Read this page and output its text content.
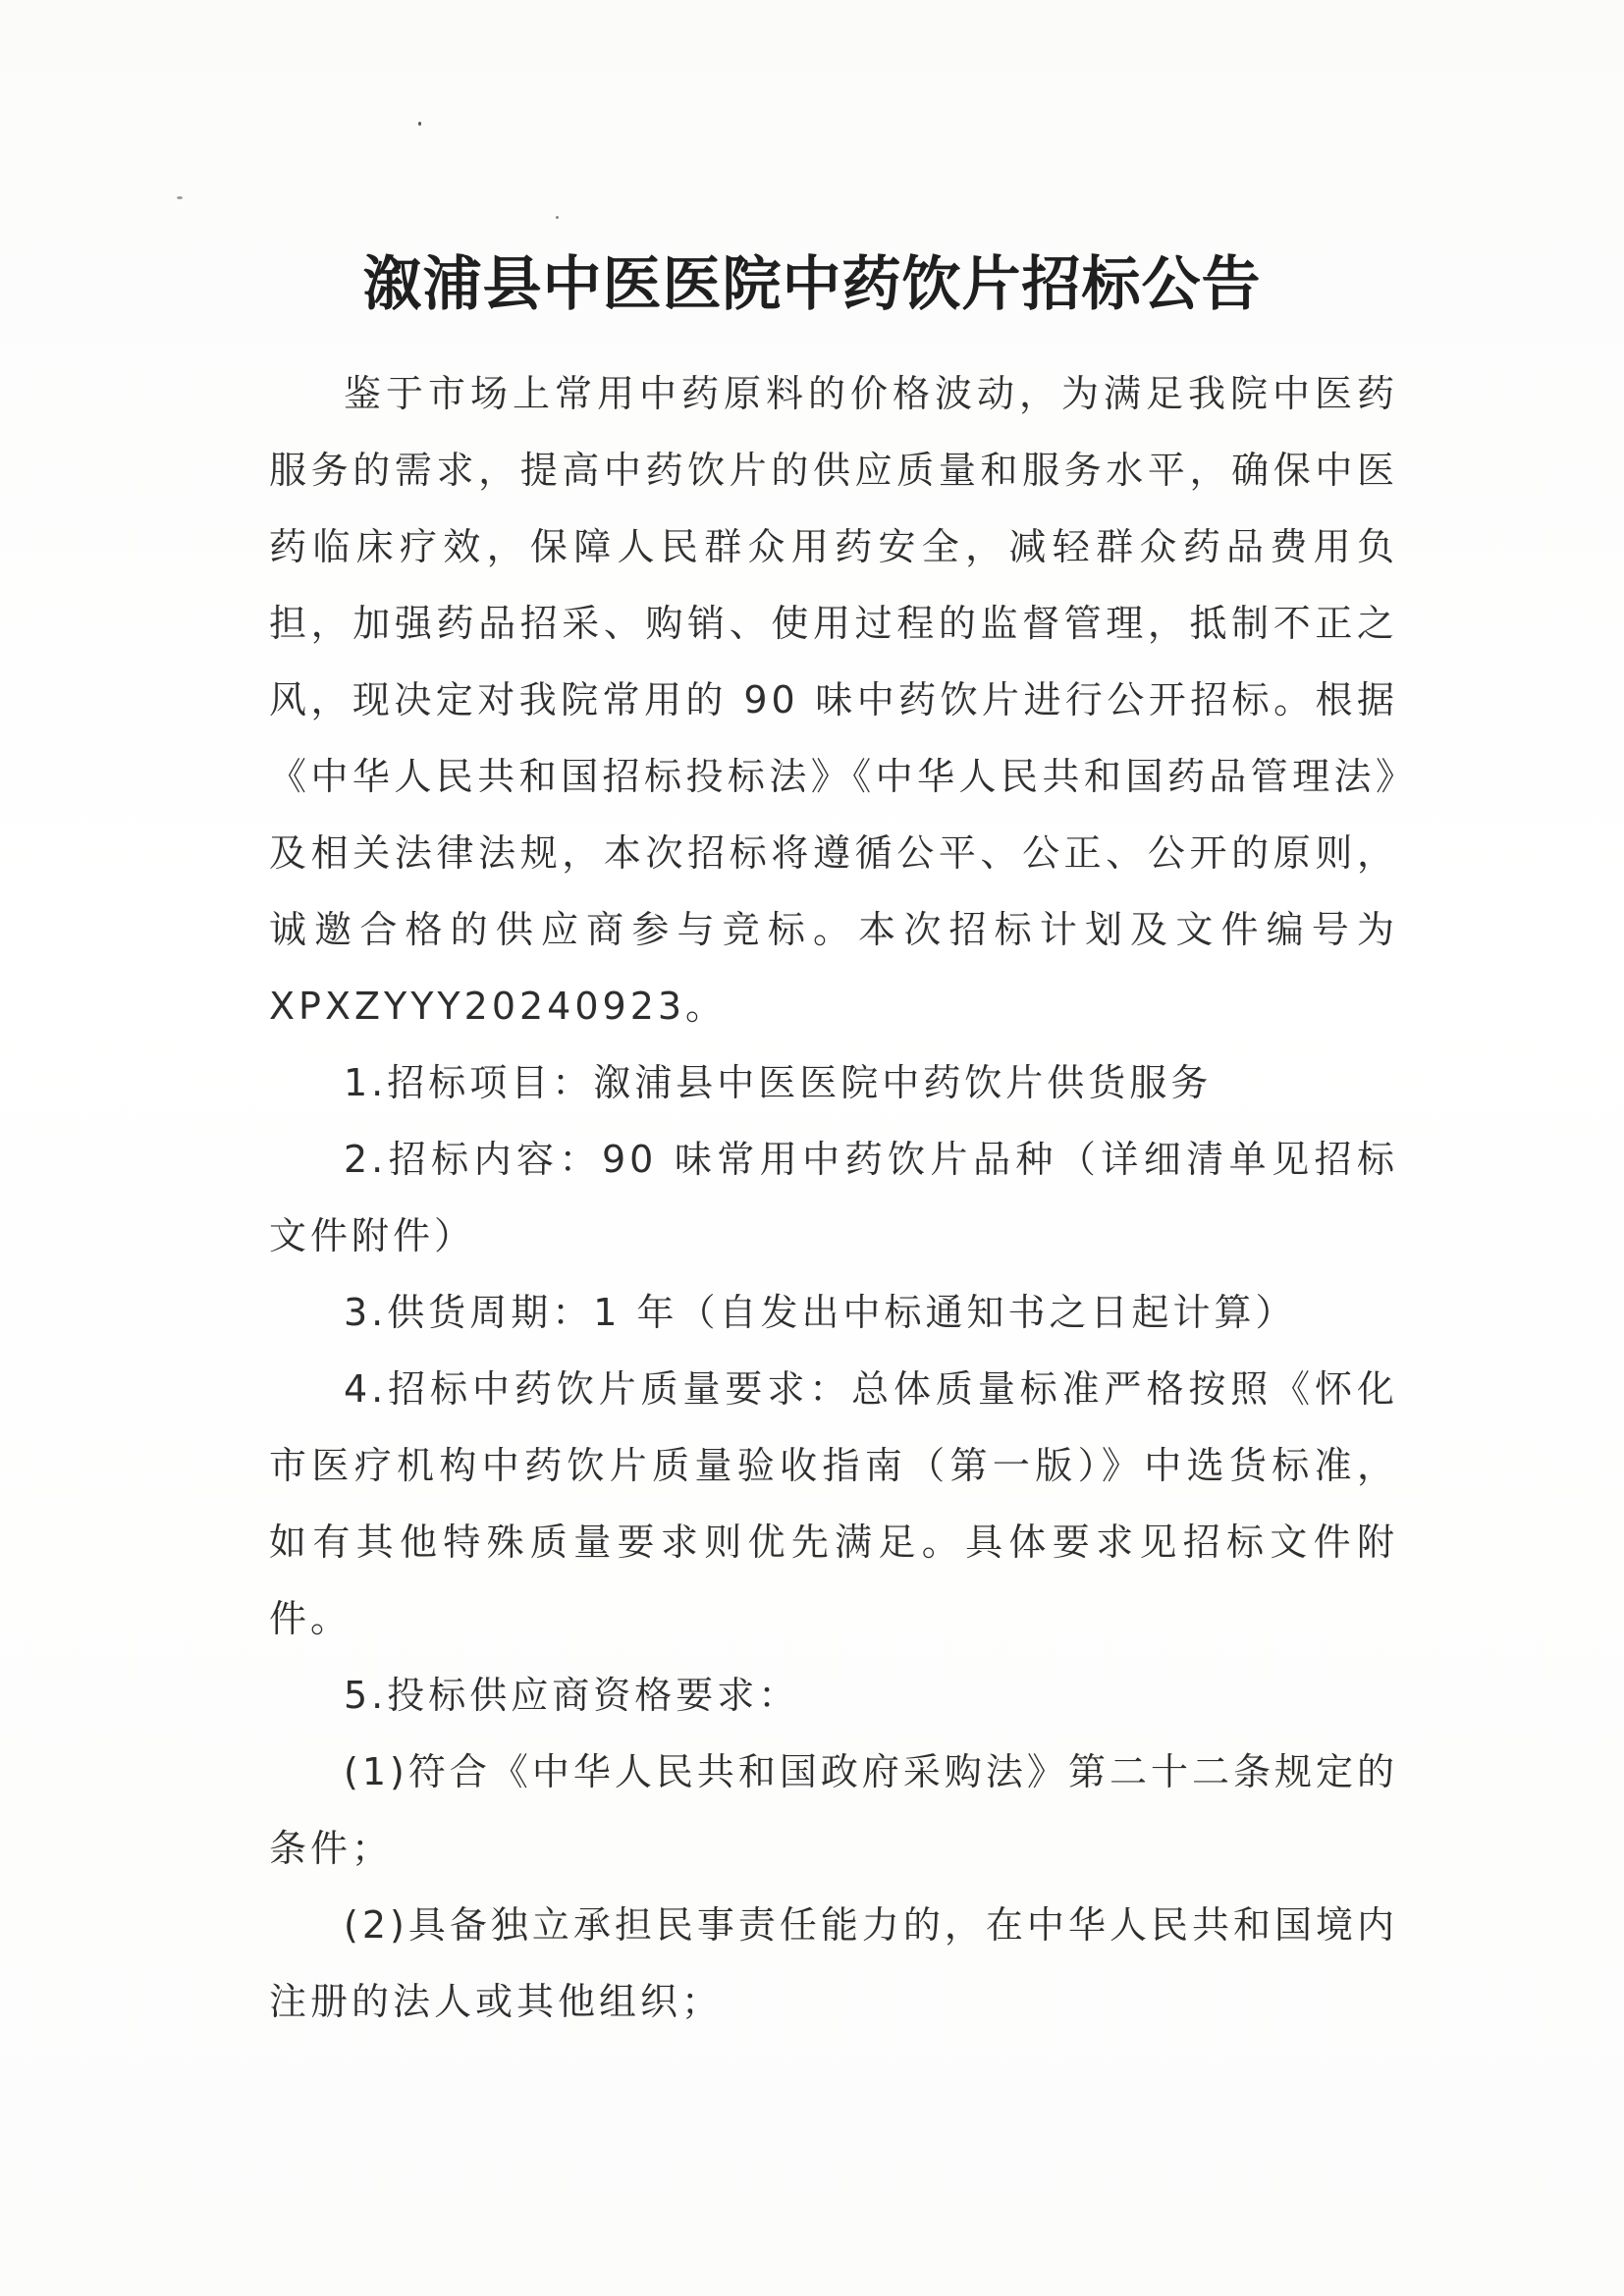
溆浦县中医医院中药饮片招标公告

鉴于市场上常用中药原料的价格波动，为满足我院中医药服务的需求，提高中药饮片的供应质量和服务水平，确保中医药临床疗效，保障人民群众用药安全，减轻群众药品费用负担，加强药品招采、购销、使用过程的监督管理，抵制不正之风，现决定对我院常用的 90 味中药饮片进行公开招标。根据《中华人民共和国招标投标法》《中华人民共和国药品管理法》及相关法律法规，本次招标将遵循公平、公正、公开的原则，诚邀合格的供应商参与竞标。本次招标计划及文件编号为 XPXZYYY20240923。

1.招标项目：溆浦县中医医院中药饮片供货服务

2.招标内容：90 味常用中药饮片品种（详细清单见招标文件附件）

3.供货周期：1 年（自发出中标通知书之日起计算）

4.招标中药饮片质量要求：总体质量标准严格按照《怀化市医疗机构中药饮片质量验收指南（第一版）》中选货标准，如有其他特殊质量要求则优先满足。具体要求见招标文件附件。

5.投标供应商资格要求：

(1)符合《中华人民共和国政府采购法》第二十二条规定的条件；

(2)具备独立承担民事责任能力的，在中华人民共和国境内注册的法人或其他组织；
